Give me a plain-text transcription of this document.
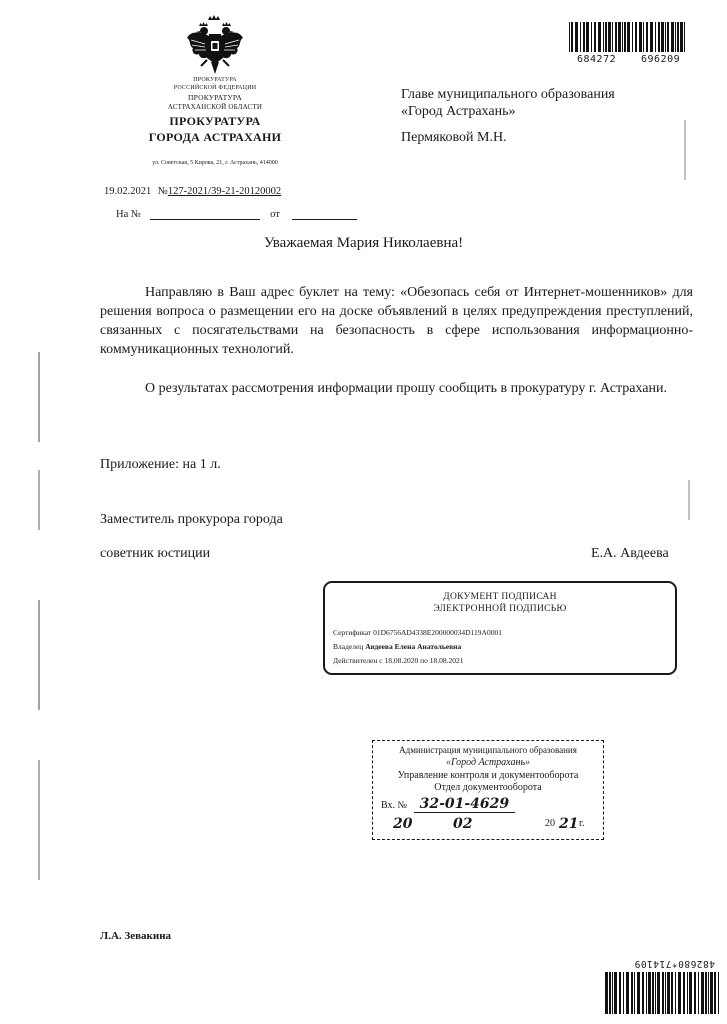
ПРОКУРАТУРА
РОССИЙСКОЙ ФЕДЕРАЦИИ
ПРОКУРАТУРА
АСТРАХАНСКОЙ ОБЛАСТИ
ПРОКУРАТУРА
ГОРОДА АСТРАХАНИ
ул. Советская, 5 Кирова, 21, г. Астрахань, 414000
19.02.2021 №127-2021/39-21-20120002
На №	от
684272 696209
Главе муниципального образования
«Город Астрахань»
Пермяковой М.Н.
Уважаемая Мария Николаевна!
Направляю в Ваш адрес буклет на тему: «Обезопась себя от Интернет-мошенников» для решения вопроса о размещении его на доске объявлений в целях предупреждения преступлений, связанных с посягательствами на безопасность в сфере использования информационно-коммуникационных технологий.
О результатах рассмотрения информации прошу сообщить в прокуратуру г. Астрахани.
Приложение: на 1 л.
Заместитель прокурора города
советник юстиции	Е.А. Авдеева
ДОКУМЕНТ ПОДПИСАН
ЭЛЕКТРОННОЙ ПОДПИСЬЮ
Сертификат 01D6756AD4338E200000034D119A0001
Владелец Авдеева Елена Анатольевна
Действителен с 18.08.2020 по 18.08.2021
Администрация муниципального образования
«Город Астрахань»
Управление контроля и документооборота
Отдел документооборота
Вх. № 32-01-4629
20	02	20 21 г.
Л.А. Зевакина
482680*714109
